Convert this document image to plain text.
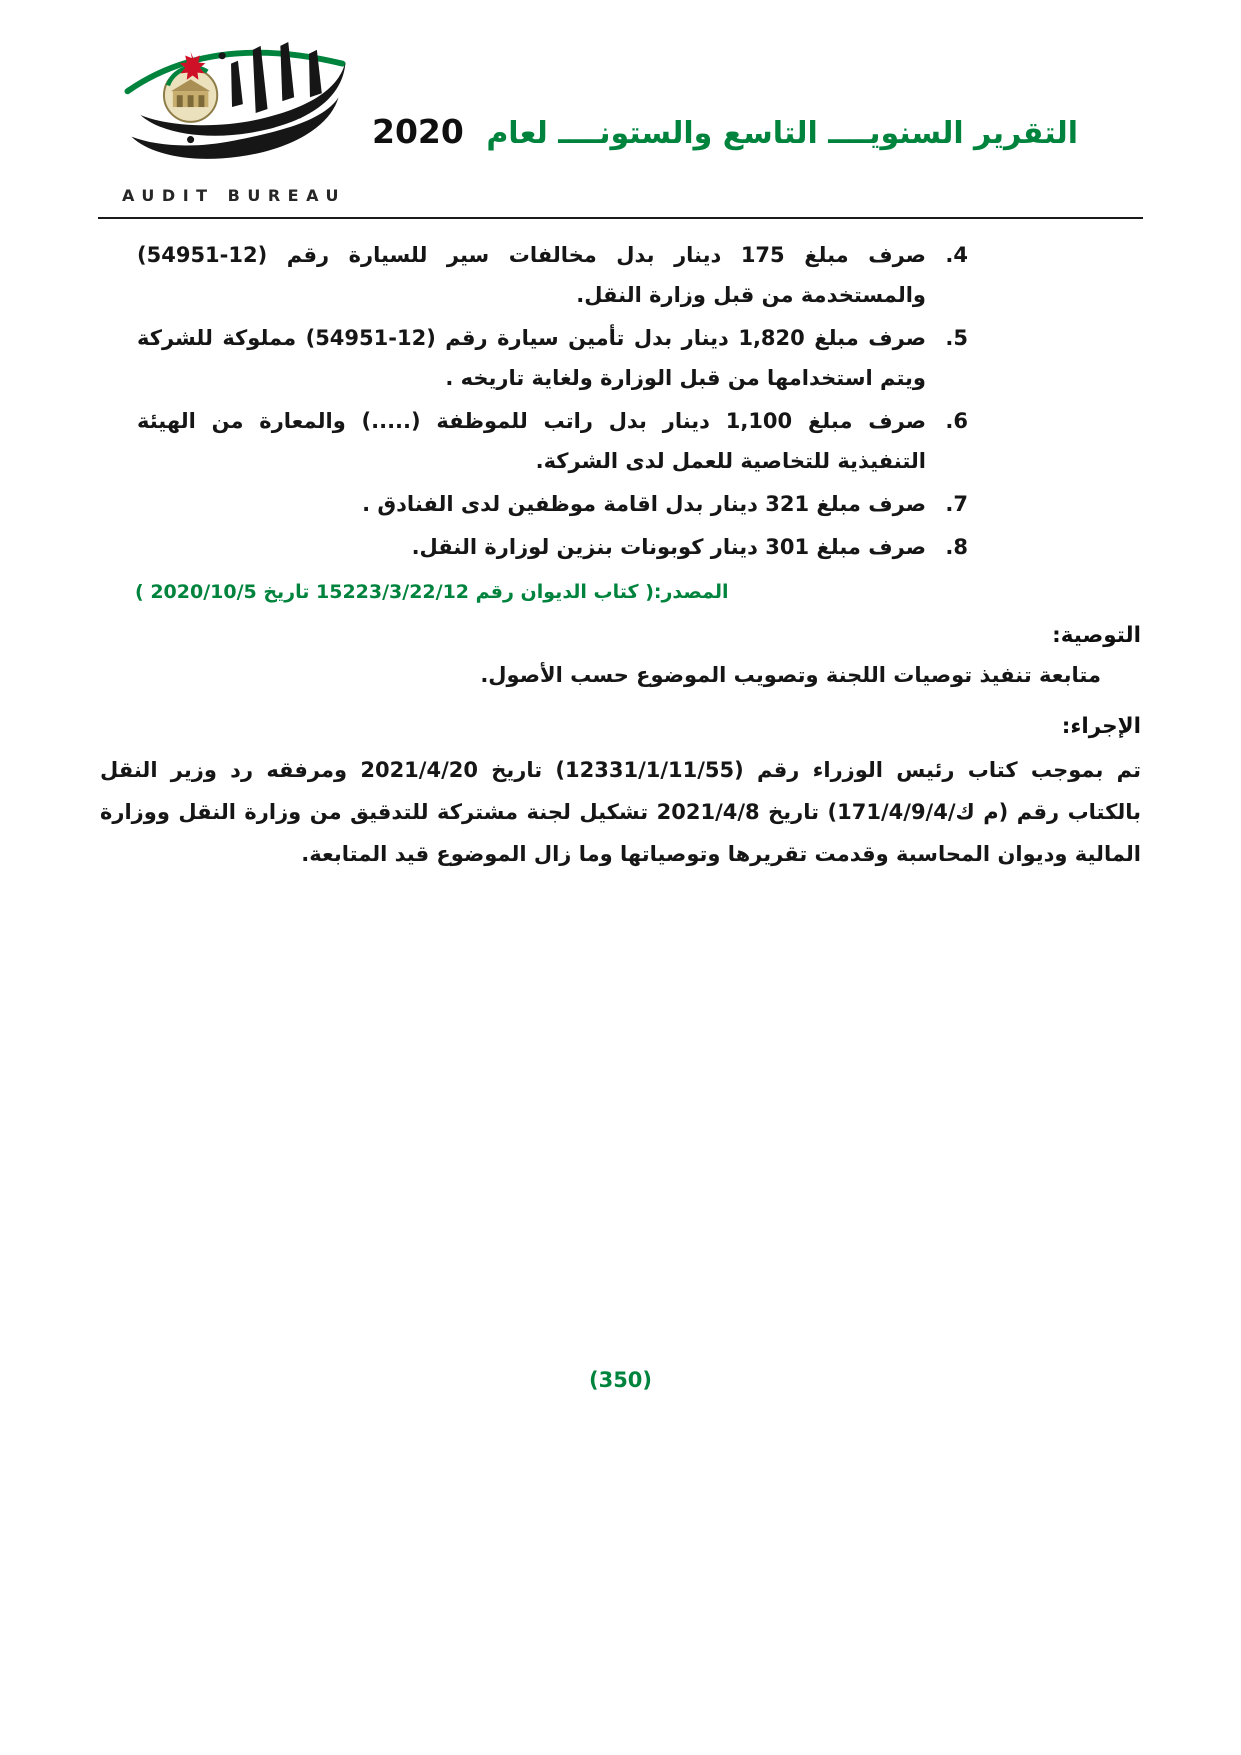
AUDIT BUREAU
التقرير السنويــــ التاسع والستونــــ لعام 2020
4.
صرف مبلغ 175 دينار بدل مخالفات سير للسيارة رقم (12-54951) والمستخدمة من قبل وزارة النقل.
5.
صرف مبلغ 1,820 دينار بدل تأمين سيارة رقم (12-54951) مملوكة للشركة ويتم استخدامها من قبل الوزارة ولغاية تاريخه .
6.
صرف مبلغ 1,100 دينار بدل راتب للموظفة (.....) والمعارة من الهيئة التنفيذية للتخاصية للعمل لدى الشركة.
7.
صرف مبلغ 321 دينار بدل اقامة موظفين لدى الفنادق .
8.
صرف مبلغ 301 دينار كوبونات بنزين لوزارة النقل.

المصدر:( كتاب الديوان رقم 15223/3/22/12 تاريخ 2020/10/5 )

التوصية:

متابعة تنفيذ توصيات اللجنة وتصويب الموضوع حسب الأصول.

الإجراء:

تم بموجب كتاب رئيس الوزراء رقم (12331/1/11/55) تاريخ 2021/4/20 ومرفقه رد وزير النقل بالكتاب رقم (م ك/171/4/9/4) تاريخ 2021/4/8 تشكيل لجنة مشتركة للتدقيق من وزارة النقل ووزارة المالية وديوان المحاسبة وقدمت تقريرها وتوصياتها وما زال الموضوع قيد المتابعة.

(350)
